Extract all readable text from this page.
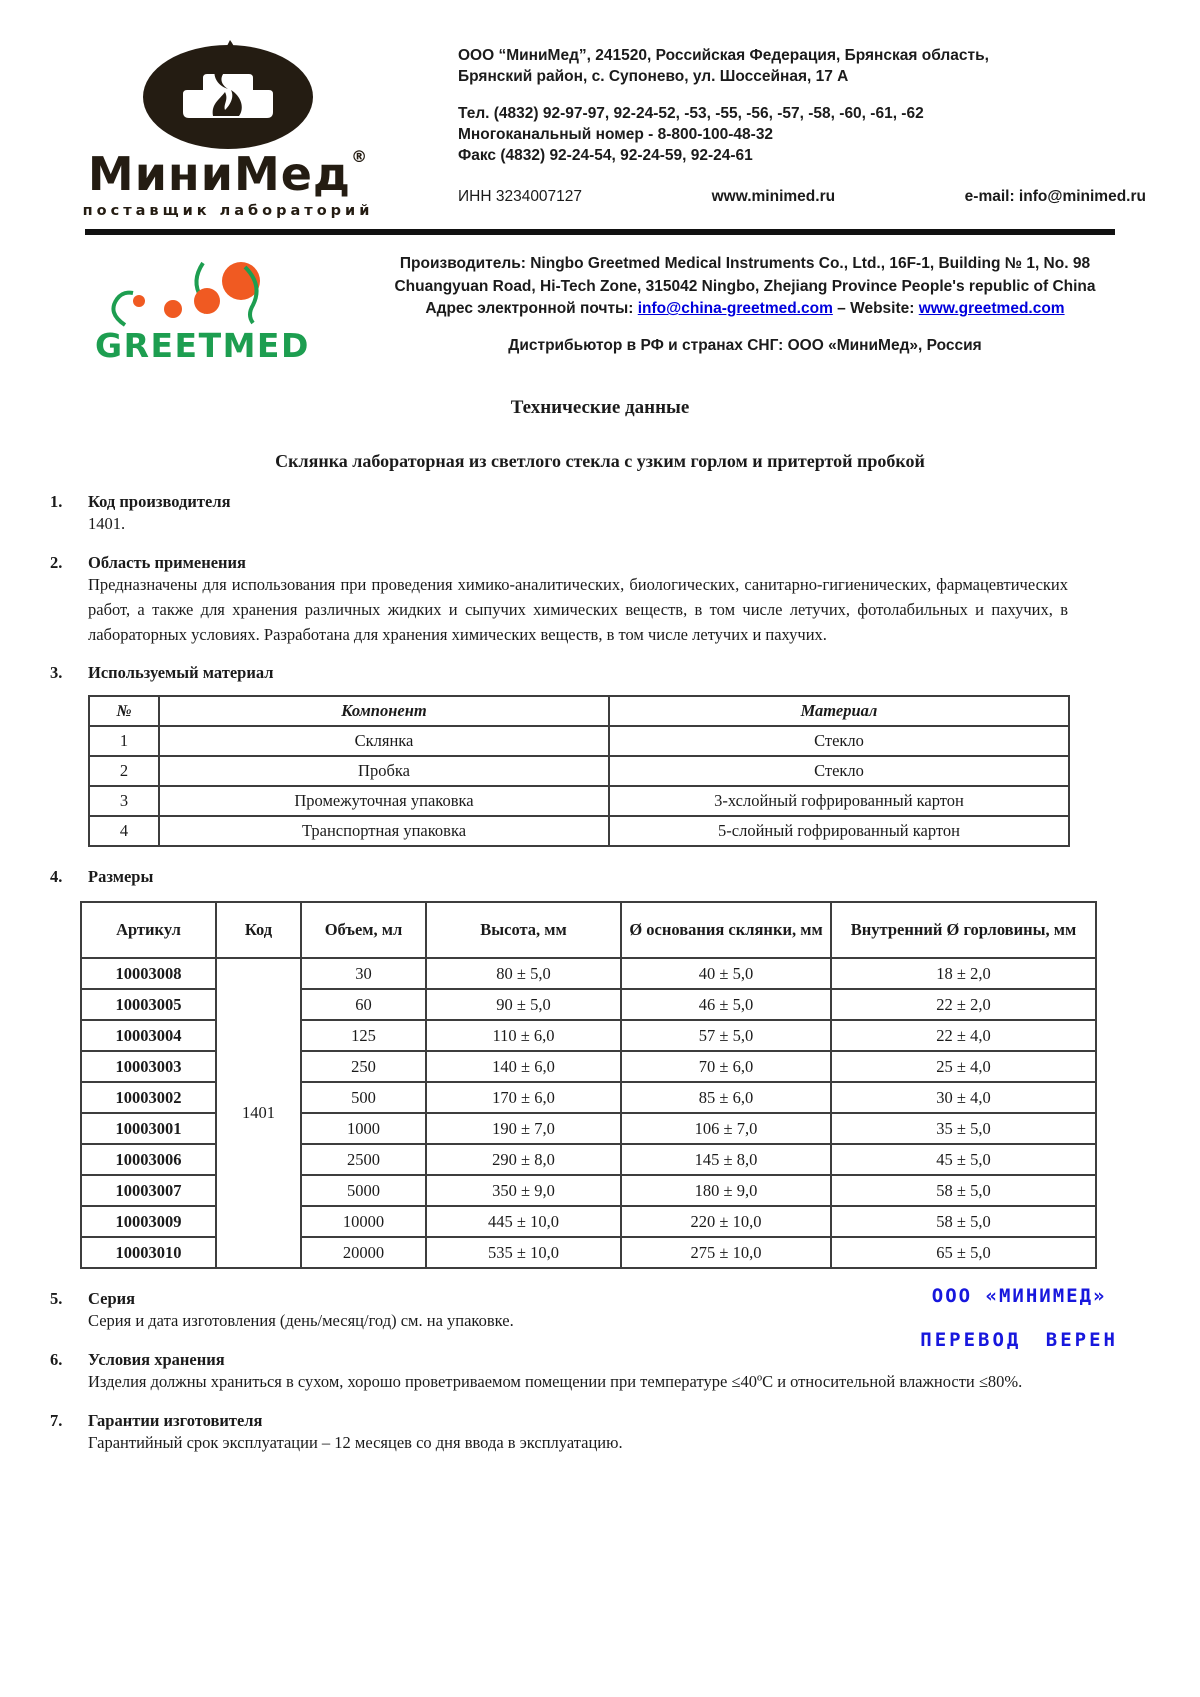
МиниМед®
поставщик лабораторий
ООО “МиниМед”, 241520, Российская Федерация, Брянская область,
Брянский район, с. Супонево, ул. Шоссейная, 17 А
Тел. (4832) 92-97-97, 92-24-52, -53, -55, -56, -57, -58, -60, -61, -62
Многоканальный номер - 8-800-100-48-32
Факс (4832) 92-24-54, 92-24-59, 92-24-61
ИНН 3234007127	www.minimed.ru	e-mail: info@minimed.ru
GREETMED
Производитель: Ningbo Greetmed Medical Instruments Co., Ltd., 16F-1, Building № 1, No. 98
Chuangyuan Road, Hi-Tech Zone, 315042 Ningbo, Zhejiang Province People's republic of China
Адрес электронной почты: info@china-greetmed.com – Website: www.greetmed.com
Дистрибьютор в РФ и странах СНГ: ООО «МиниМед», Россия
Технические данные
Склянка лабораторная из светлого стекла с узким горлом и притертой пробкой
1.	Код производителя
1401.
2.	Область применения
Предназначены для использования при проведения химико-аналитических, биологических, санитарно-гигиенических, фармацевтических работ, а также для хранения различных жидких и сыпучих химических веществ, в том числе летучих, фотолабильных и пахучих, в лабораторных условиях. Разработана для хранения химических веществ, в том числе летучих и пахучих.
3.	Используемый материал
№	Компонент	Материал
1	Склянка	Стекло
2	Пробка	Стекло
3	Промежуточная упаковка	3-хслойный гофрированный картон
4	Транспортная упаковка	5-слойный гофрированный картон
4.	Размеры
Артикул	Код	Объем, мл	Высота, мм	Ø основания склянки, мм	Внутренний Ø горловины, мм
10003008	1401	30	80 ± 5,0	40 ± 5,0	18 ± 2,0
10003005		60	90 ± 5,0	46 ± 5,0	22 ± 2,0
10003004		125	110 ± 6,0	57 ± 5,0	22 ± 4,0
10003003		250	140 ± 6,0	70 ± 6,0	25 ± 4,0
10003002		500	170 ± 6,0	85 ± 6,0	30 ± 4,0
10003001		1000	190 ± 7,0	106 ± 7,0	35 ± 5,0
10003006		2500	290 ± 8,0	145 ± 8,0	45 ± 5,0
10003007		5000	350 ± 9,0	180 ± 9,0	58 ± 5,0
10003009		10000	445 ± 10,0	220 ± 10,0	58 ± 5,0
10003010		20000	535 ± 10,0	275 ± 10,0	65 ± 5,0
ООО «МИНИМЕД»
ПЕРЕВОД ВЕРЕН
5.	Серия
Серия и дата изготовления (день/месяц/год) см. на упаковке.
6.	Условия хранения
Изделия должны храниться в сухом, хорошо проветриваемом помещении при температуре ≤40ºС и относительной влажности ≤80%.
7.	Гарантии изготовителя
Гарантийный срок эксплуатации – 12 месяцев со дня ввода в эксплуатацию.
